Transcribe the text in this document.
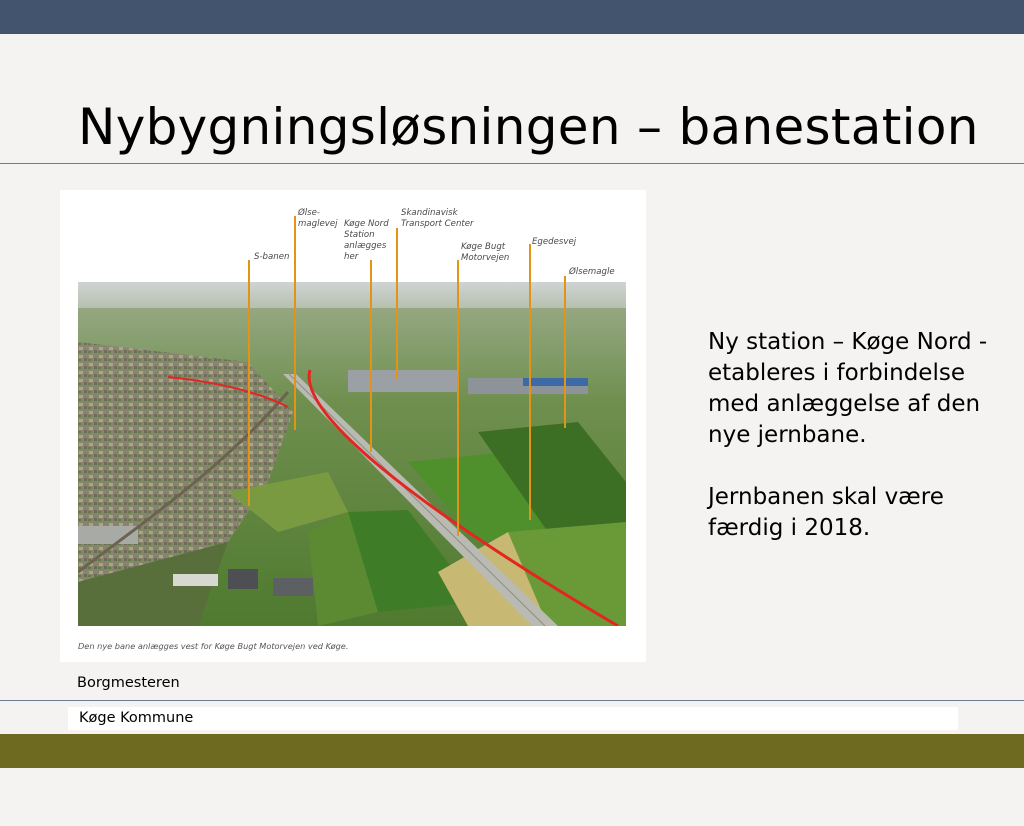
Nybygningsløsningen – banestation
S-banen
Ølse-
maglevej Køge Nord
Station
anlægges
her
Skandinavisk
Transport Center
Køge Bugt
Motorvejen
Egedesvej
Ølsemagle
Den nye bane anlægges vest for Køge Bugt Motorvejen ved Køge.

Ny station – Køge Nord - etableres i forbindelse med anlæggelse af den nye jernbane.

Jernbanen skal være færdig i 2018.

Borgmesteren
Køge Kommune
